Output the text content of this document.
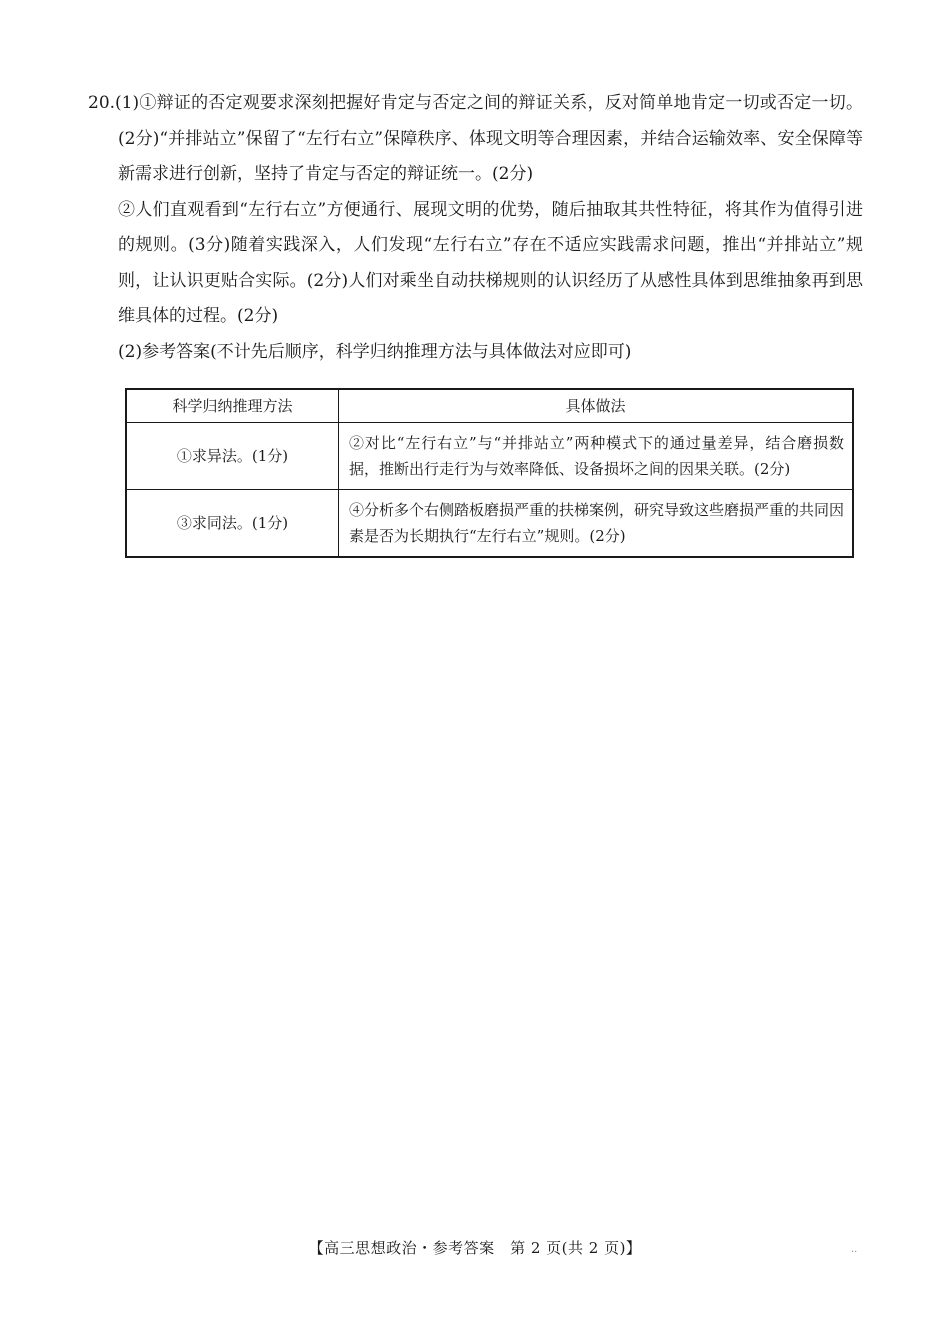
20.(1)①辩证的否定观要求深刻把握好肯定与否定之间的辩证关系，反对简单地肯定一切或否定一切。(2分)“并排站立”保留了“左行右立”保障秩序、体现文明等合理因素，并结合运输效率、安全保障等新需求进行创新，坚持了肯定与否定的辩证统一。(2分)

②人们直观看到“左行右立”方便通行、展现文明的优势，随后抽取其共性特征，将其作为值得引进的规则。(3分)随着实践深入，人们发现“左行右立”存在不适应实践需求问题，推出“并排站立”规则，让认识更贴合实际。(2分)人们对乘坐自动扶梯规则的认识经历了从感性具体到思维抽象再到思维具体的过程。(2分)

(2)参考答案(不计先后顺序，科学归纳推理方法与具体做法对应即可)

科学归纳推理方法	具体做法
①求异法。(1分)	②对比“左行右立”与“并排站立”两种模式下的通过量差异，结合磨损数据，推断出行走行为与效率降低、设备损坏之间的因果关联。(2分)
③求同法。(1分)	④分析多个右侧踏板磨损严重的扶梯案例，研究导致这些磨损严重的共同因素是否为长期执行“左行右立”规则。(2分)
【高三思想政治・参考答案　第 2 页(共 2 页)】	..
